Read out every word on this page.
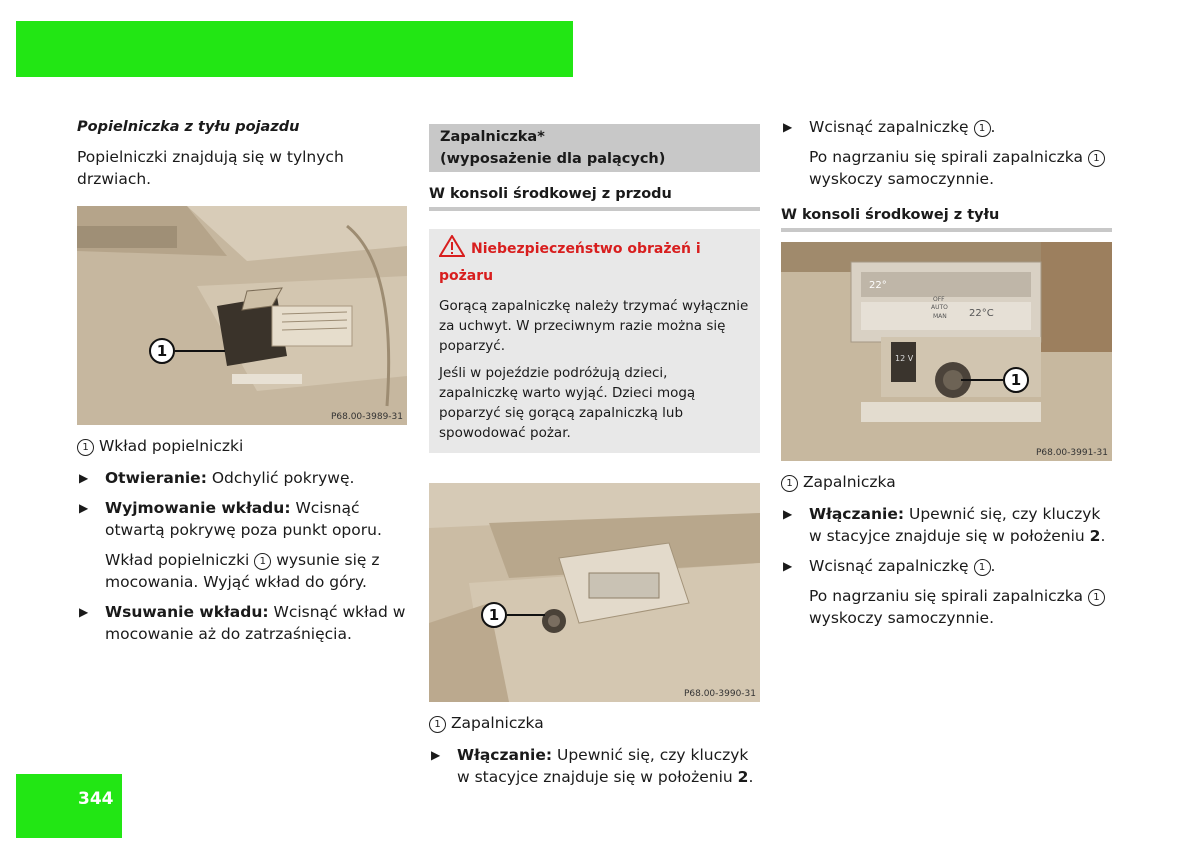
Popielniczka z tyłu pojazdu

Popielniczki znajdują się w tylnych drzwiach.

1
P68.00-3989-31

1 Wkład popielniczki

▶ Otwieranie: Odchylić pokrywę.

▶ Wyjmowanie wkładu: Wcisnąć otwartą pokrywę poza punkt oporu.

Wkład popielniczki 1 wysunie się z mocowania. Wyjąć wkład do góry.

▶ Wsuwanie wkładu: Wcisnąć wkład w mocowanie aż do zatrzaśnięcia.

Zapalniczka*
(wyposażenie dla palących)
W konsoli środkowej z przodu
Niebezpieczeństwo obrażeń i pożaru

Gorącą zapalniczkę należy trzymać wyłącznie za uchwyt. W przeciwnym razie można się poparzyć.

Jeśli w pojeździe podróżują dzieci, zapalniczkę warto wyjąć. Dzieci mogą poparzyć się gorącą zapalniczką lub spowodować pożar.

1
P68.00-3990-31

1 Zapalniczka

▶ Włączanie: Upewnić się, czy kluczyk w stacyjce znajduje się w położeniu 2.

▶ Wcisnąć zapalniczkę 1 .

Po nagrzaniu się spirali zapalniczka 1 wyskoczy samoczynnie.

W konsoli środkowej z tyłu
22°
22°C
OFF
AUTO
MAN
12 V
1
P68.00-3991-31

1 Zapalniczka

▶ Włączanie: Upewnić się, czy kluczyk w stacyjce znajduje się w położeniu 2.

▶ Wcisnąć zapalniczkę 1 .

Po nagrzaniu się spirali zapalniczka 1 wyskoczy samoczynnie.

344
